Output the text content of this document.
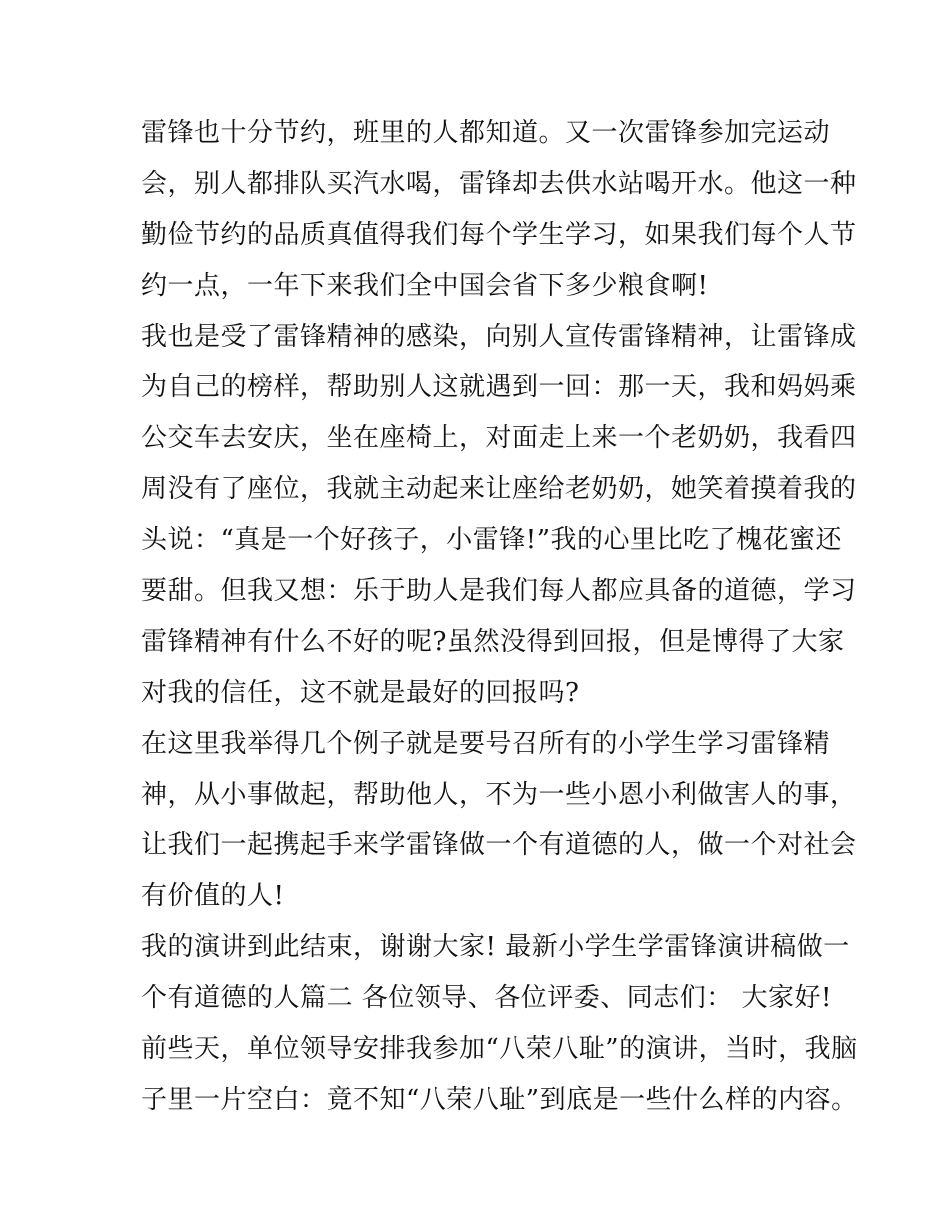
雷锋也十分节约，班里的人都知道。又一次雷锋参加完运动
会，别人都排队买汽水喝，雷锋却去供水站喝开水。他这一种
勤俭节约的品质真值得我们每个学生学习，如果我们每个人节
约一点，一年下来我们全中国会省下多少粮食啊!
我也是受了雷锋精神的感染，向别人宣传雷锋精神，让雷锋成
为自己的榜样，帮助别人这就遇到一回：那一天，我和妈妈乘
公交车去安庆，坐在座椅上，对面走上来一个老奶奶，我看四
周没有了座位，我就主动起来让座给老奶奶，她笑着摸着我的
头说：“真是一个好孩子，小雷锋!”我的心里比吃了槐花蜜还
要甜。但我又想：乐于助人是我们每人都应具备的道德，学习
雷锋精神有什么不好的呢?虽然没得到回报，但是博得了大家
对我的信任，这不就是最好的回报吗?
在这里我举得几个例子就是要号召所有的小学生学习雷锋精
神，从小事做起，帮助他人，不为一些小恩小利做害人的事，
让我们一起携起手来学雷锋做一个有道德的人，做一个对社会
有价值的人!
我的演讲到此结束，谢谢大家! 最新小学生学雷锋演讲稿做一
个有道德的人篇二 各位领导、各位评委、同志们： 大家好!
前些天，单位领导安排我参加“八荣八耻”的演讲，当时，我脑
子里一片空白：竟不知“八荣八耻”到底是一些什么样的内容。
